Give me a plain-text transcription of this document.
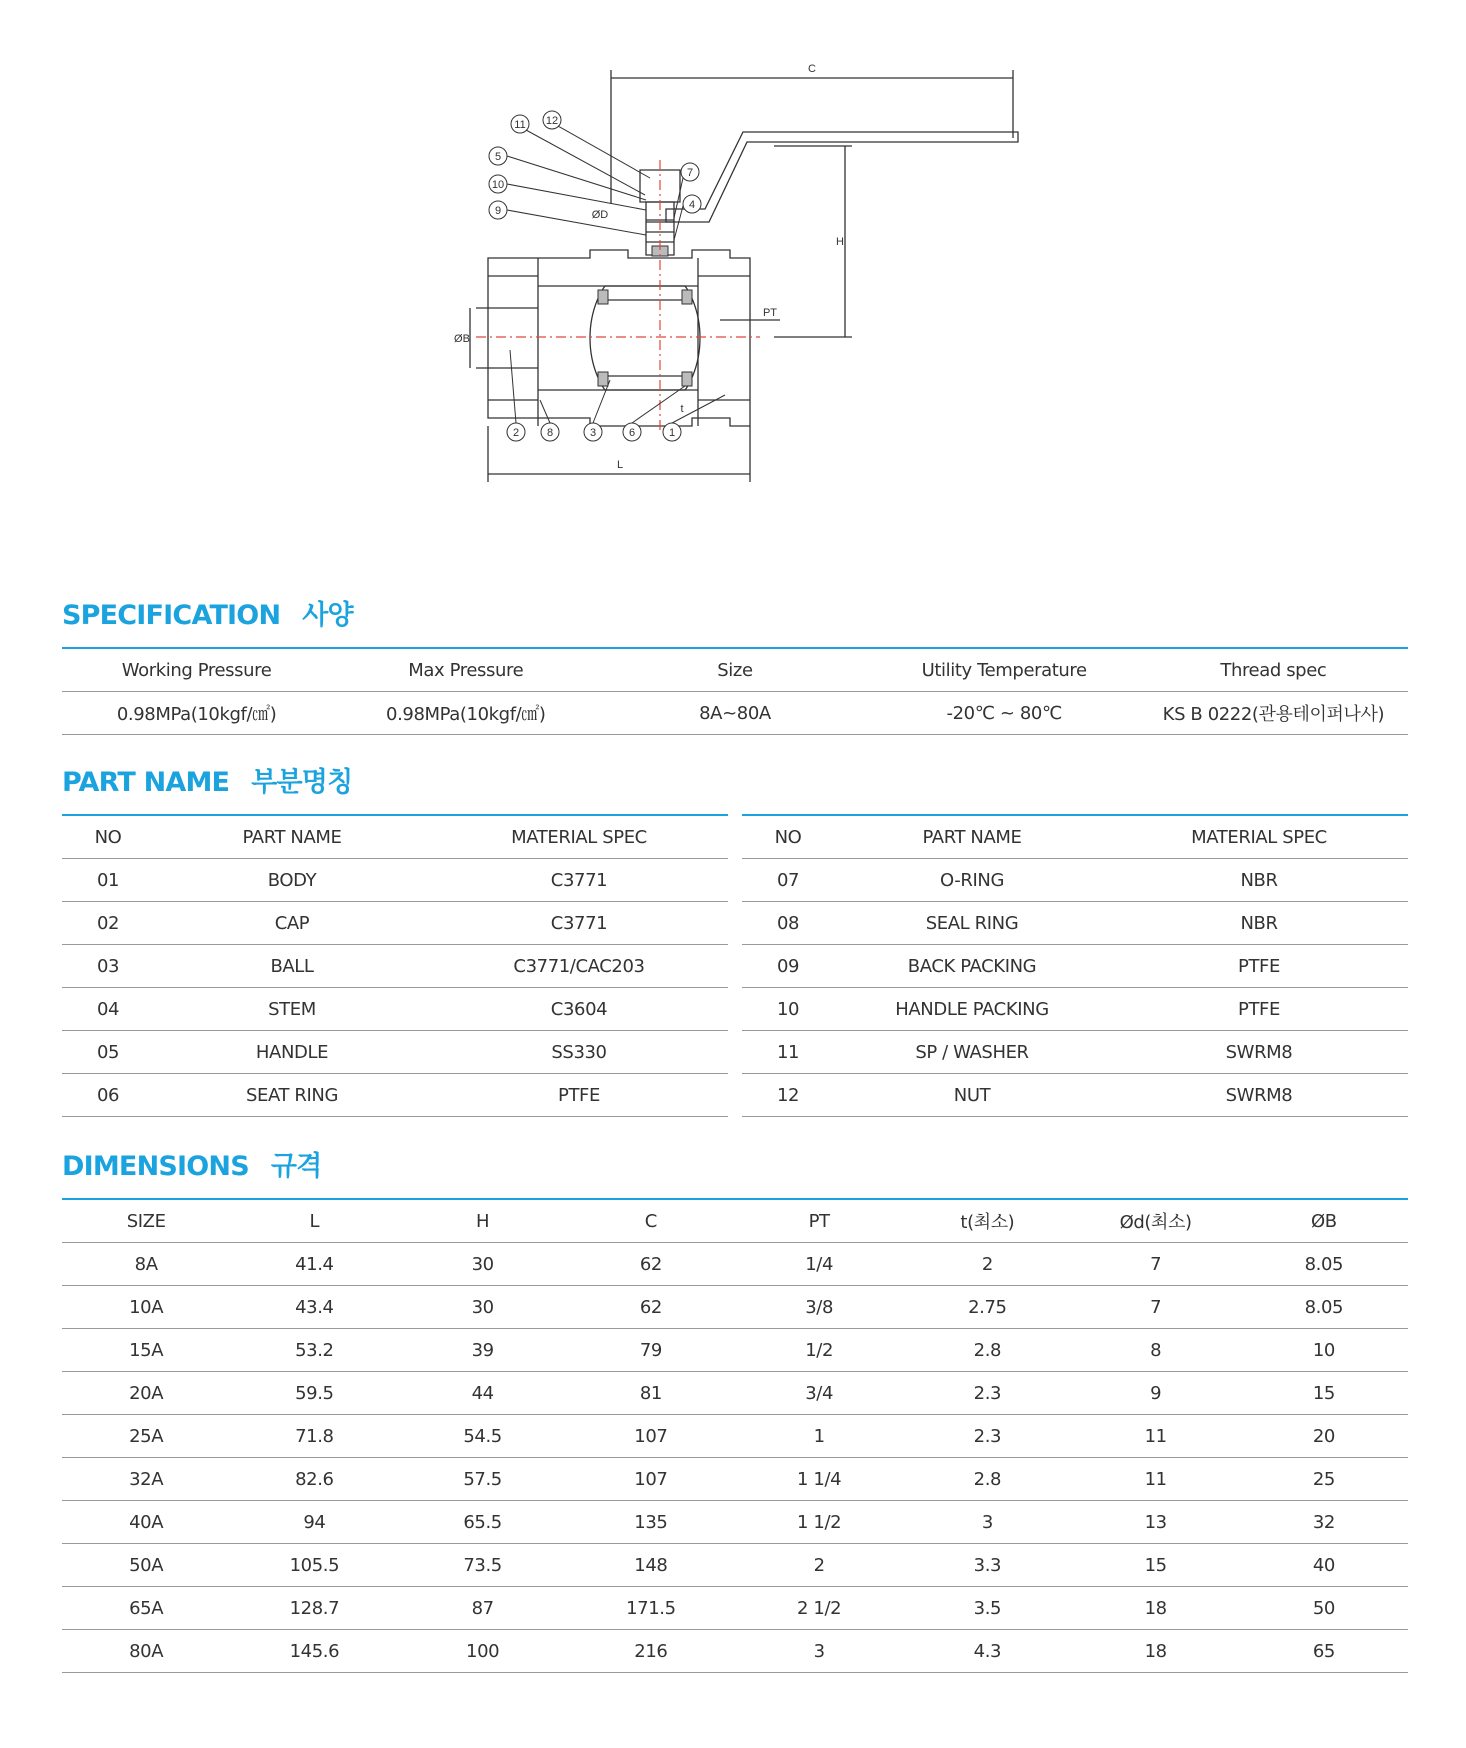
C
H
L
ØD
ØB
PT
t
11 12
5
10
9
7
4
2	8	3	6	1
SPECIFICATION 사양
Working Pressure	Max Pressure	Size	Utility Temperature	Thread spec
0.98MPa(10kgf/㎠)	0.98MPa(10kgf/㎠)	8A~80A	-20℃ ~ 80℃	KS B 0222(관용테이퍼나사)
PART NAME 부분명칭
NO	PART NAME	MATERIAL SPEC
01	BODY	C3771
02	CAP	C3771
03	BALL	C3771/CAC203
04	STEM	C3604
05	HANDLE	SS330
06	SEAT RING	PTFE
NO	PART NAME	MATERIAL SPEC
07	O-RING	NBR
08	SEAL RING	NBR
09	BACK PACKING	PTFE
10	HANDLE PACKING	PTFE
11	SP / WASHER	SWRM8
12	NUT	SWRM8
DIMENSIONS 규격
SIZE	L	H	C	PT	t(최소)	Ød(최소)	ØB
8A	41.4	30	62	1/4	2	7	8.05
10A	43.4	30	62	3/8	2.75	7	8.05
15A	53.2	39	79	1/2	2.8	8	10
20A	59.5	44	81	3/4	2.3	9	15
25A	71.8	54.5	107	1	2.3	11	20
32A	82.6	57.5	107	1 1/4	2.8	11	25
40A	94	65.5	135	1 1/2	3	13	32
50A	105.5	73.5	148	2	3.3	15	40
65A	128.7	87	171.5	2 1/2	3.5	18	50
80A	145.6	100	216	3	4.3	18	65
